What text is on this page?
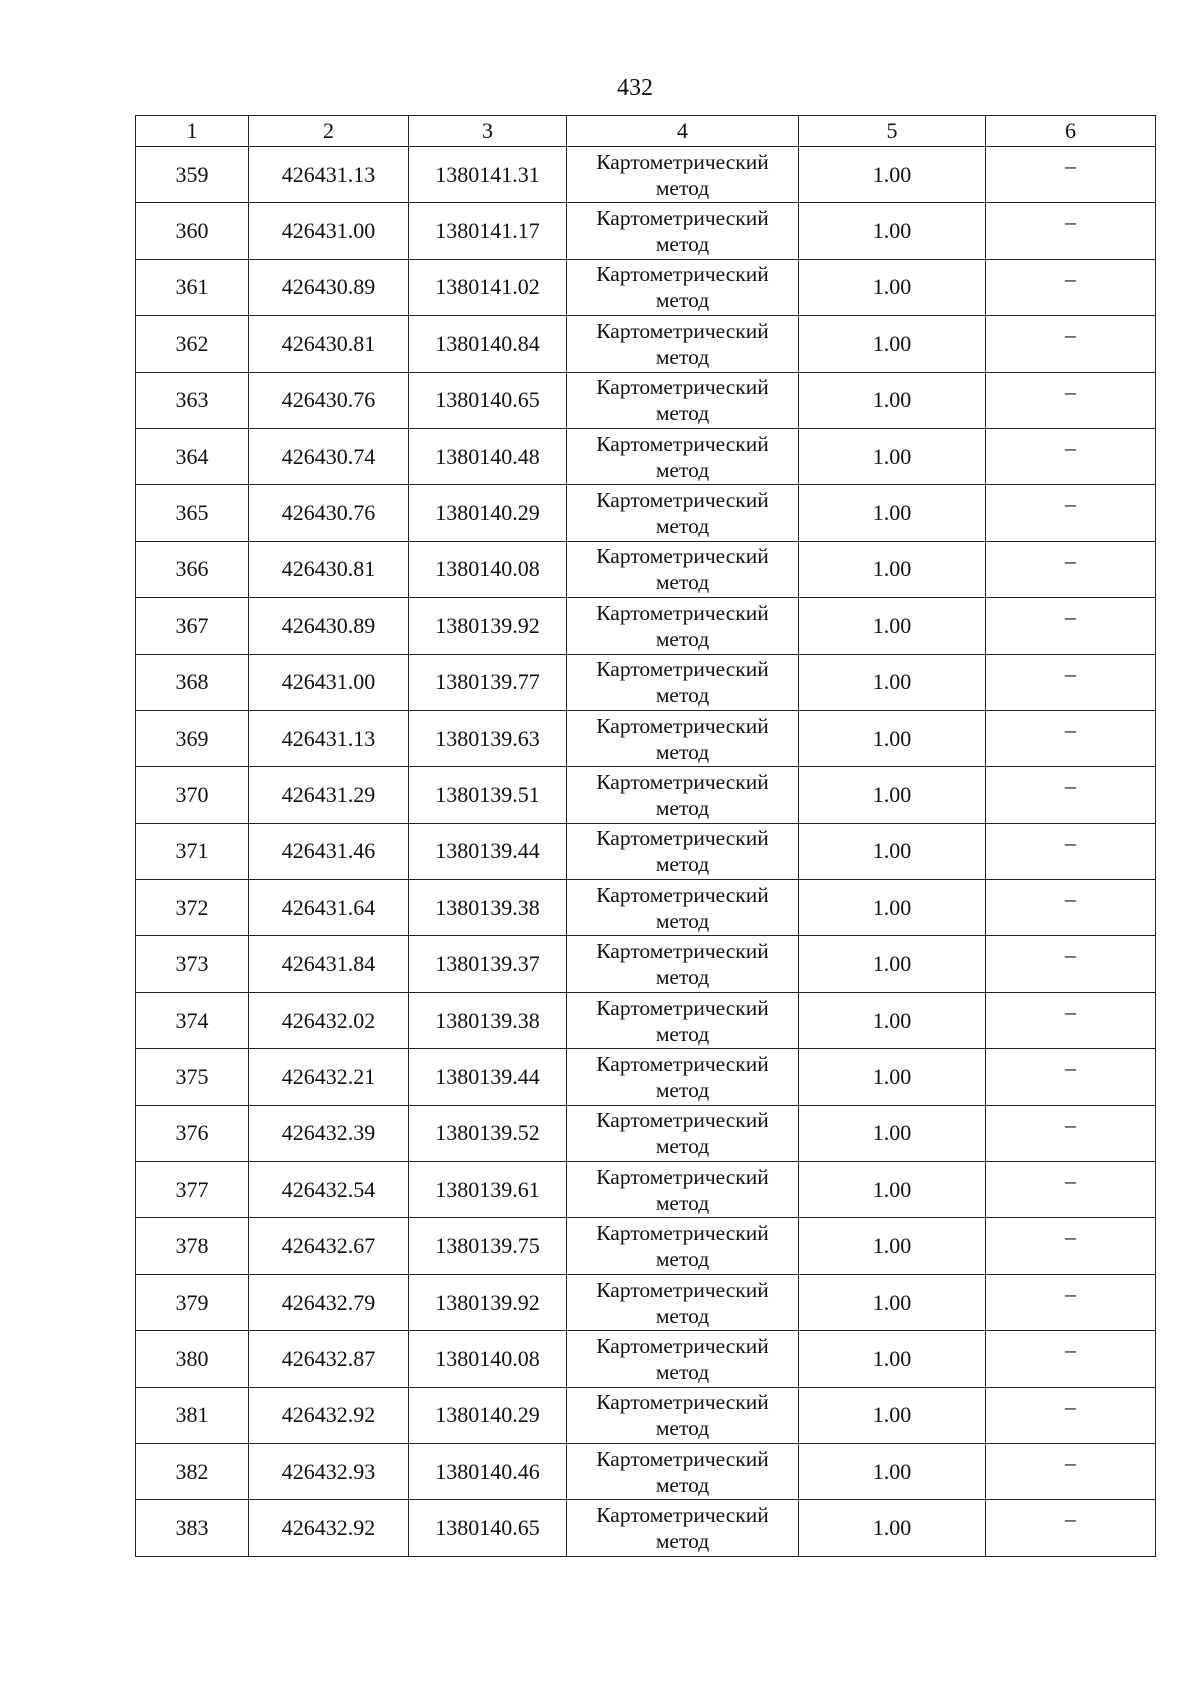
432
1	2	3	4	5	6
359	426431.13	1380141.31	Картометрический метод	1.00	–
360	426431.00	1380141.17	Картометрический метод	1.00	–
361	426430.89	1380141.02	Картометрический метод	1.00	–
362	426430.81	1380140.84	Картометрический метод	1.00	–
363	426430.76	1380140.65	Картометрический метод	1.00	–
364	426430.74	1380140.48	Картометрический метод	1.00	–
365	426430.76	1380140.29	Картометрический метод	1.00	–
366	426430.81	1380140.08	Картометрический метод	1.00	–
367	426430.89	1380139.92	Картометрический метод	1.00	–
368	426431.00	1380139.77	Картометрический метод	1.00	–
369	426431.13	1380139.63	Картометрический метод	1.00	–
370	426431.29	1380139.51	Картометрический метод	1.00	–
371	426431.46	1380139.44	Картометрический метод	1.00	–
372	426431.64	1380139.38	Картометрический метод	1.00	–
373	426431.84	1380139.37	Картометрический метод	1.00	–
374	426432.02	1380139.38	Картометрический метод	1.00	–
375	426432.21	1380139.44	Картометрический метод	1.00	–
376	426432.39	1380139.52	Картометрический метод	1.00	–
377	426432.54	1380139.61	Картометрический метод	1.00	–
378	426432.67	1380139.75	Картометрический метод	1.00	–
379	426432.79	1380139.92	Картометрический метод	1.00	–
380	426432.87	1380140.08	Картометрический метод	1.00	–
381	426432.92	1380140.29	Картометрический метод	1.00	–
382	426432.93	1380140.46	Картометрический метод	1.00	–
383	426432.92	1380140.65	Картометрический метод	1.00	–
